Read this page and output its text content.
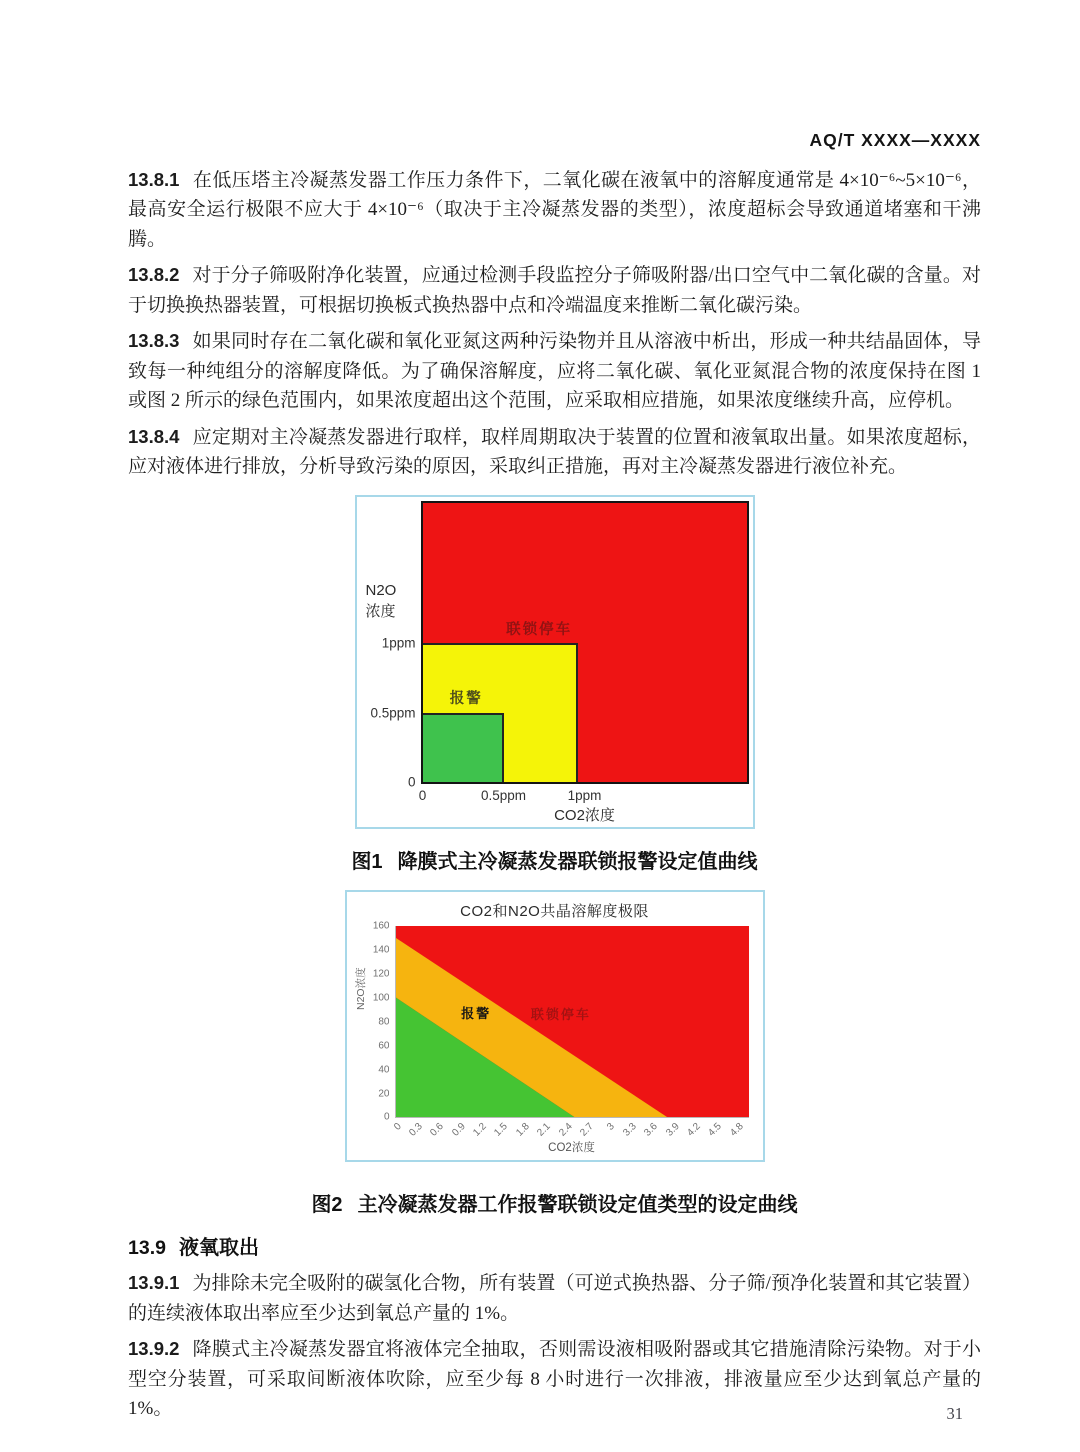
AQ/T XXXX—XXXX

13.8.1 在低压塔主冷凝蒸发器工作压力条件下，二氧化碳在液氧中的溶解度通常是 4×10⁻⁶~5×10⁻⁶，最高安全运行极限不应大于 4×10⁻⁶（取决于主冷凝蒸发器的类型），浓度超标会导致通道堵塞和干沸腾。

13.8.2 对于分子筛吸附净化装置，应通过检测手段监控分子筛吸附器/出口空气中二氧化碳的含量。对于切换换热器装置，可根据切换板式换热器中点和冷端温度来推断二氧化碳污染。

13.8.3 如果同时存在二氧化碳和氧化亚氮这两种污染物并且从溶液中析出，形成一种共结晶固体，导致每一种纯组分的溶解度降低。为了确保溶解度，应将二氧化碳、氧化亚氮混合物的浓度保持在图 1 或图 2 所示的绿色范围内，如果浓度超出这个范围，应采取相应措施，如果浓度继续升高，应停机。

13.8.4 应定期对主冷凝蒸发器进行取样，取样周期取决于装置的位置和液氧取出量。如果浓度超标，应对液体进行排放，分析导致污染的原因，采取纠正措施，再对主冷凝蒸发器进行液位补充。

N2O
浓度
0	0.5ppm	1ppm
0
0.5ppm
1ppm
联锁停车
报警
CO2浓度
图1 降膜式主冷凝蒸发器联锁报警设定值曲线
CO2和N2O共晶溶解度极限
N2O浓度
0
20
40
60
80
100
120
140
160
0 0.3 0.6 0.9 1.2 1.5 1.8 2.1 2.4 2.7 3 3.3 3.6 3.9 4.2 4.5 4.8
报警	联锁停车
CO2浓度
图2 主冷凝蒸发器工作报警联锁设定值类型的设定曲线
13.9 液氧取出

13.9.1 为排除未完全吸附的碳氢化合物，所有装置（可逆式换热器、分子筛/预净化装置和其它装置）的连续液体取出率应至少达到氧总产量的 1%。

13.9.2 降膜式主冷凝蒸发器宜将液体完全抽取，否则需设液相吸附器或其它措施清除污染物。对于小型空分装置，可采取间断液体吹除，应至少每 8 小时进行一次排液，排液量应至少达到氧总产量的 1%。	31
